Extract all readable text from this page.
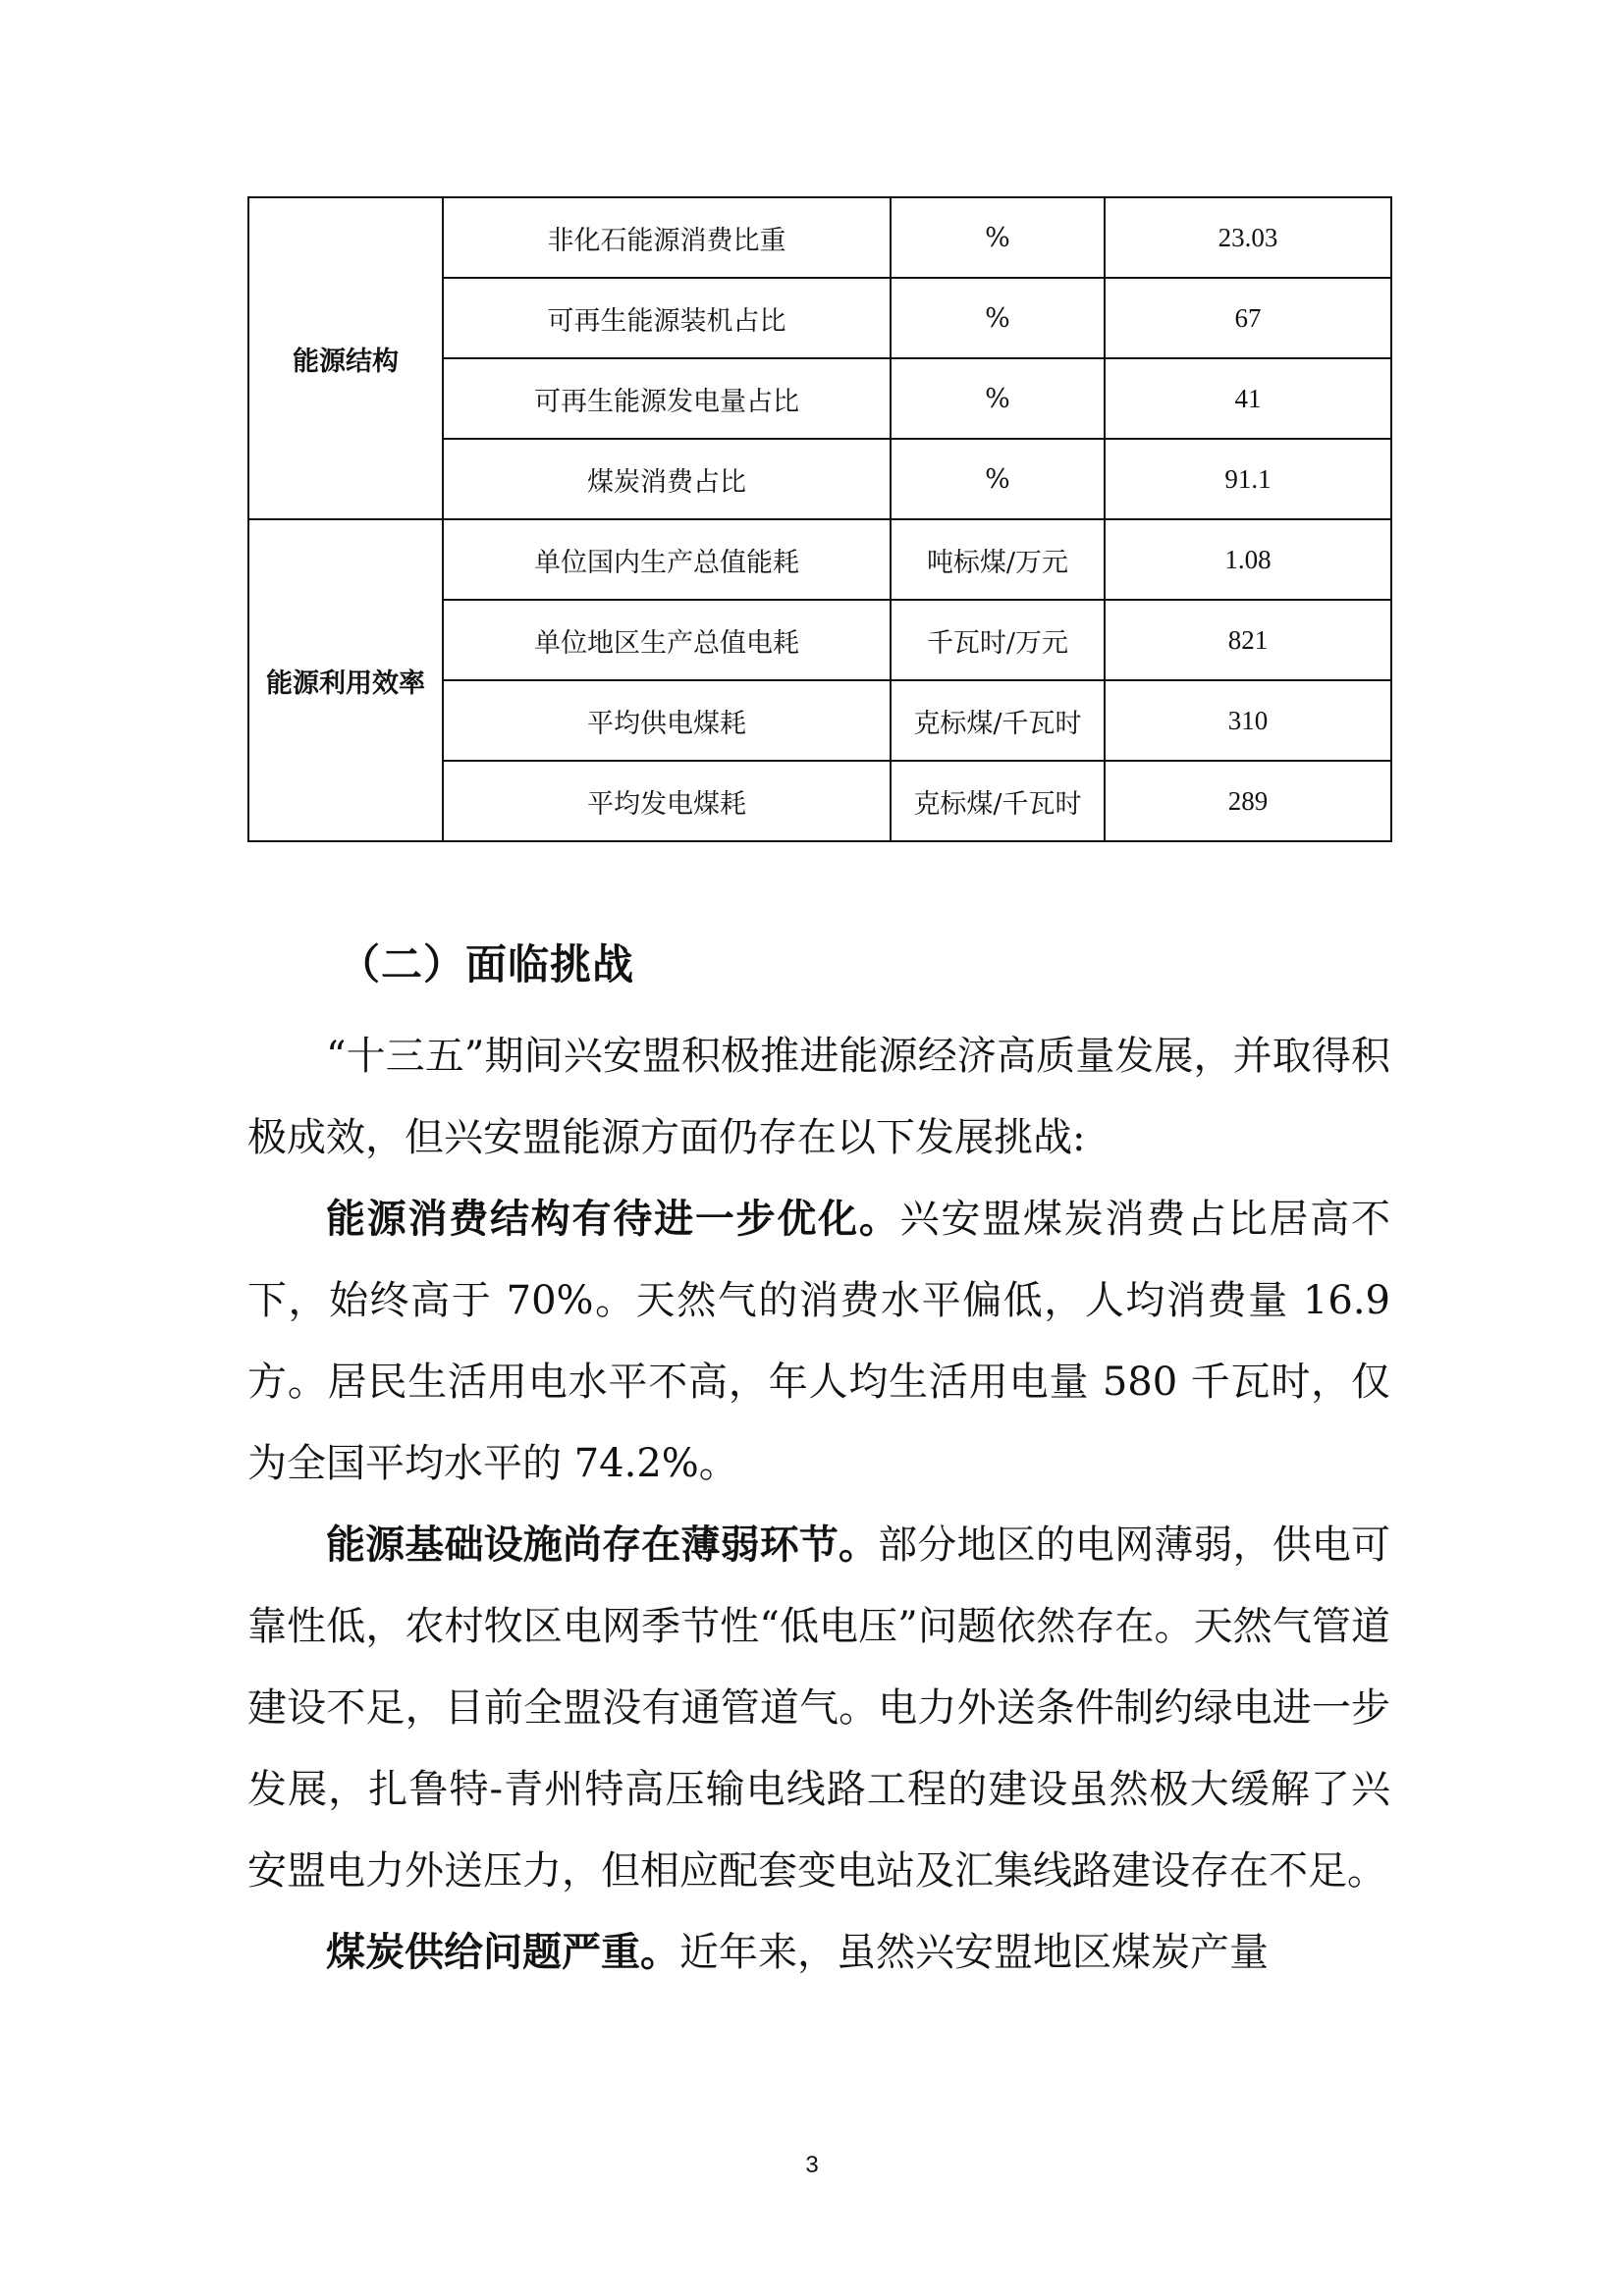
能源结构	非化石能源消费比重	%	23.03
	可再生能源装机占比	%	67
	可再生能源发电量占比	%	41
	煤炭消费占比	%	91.1
能源利用效率	单位国内生产总值能耗	吨标煤/万元	1.08
	单位地区生产总值电耗	千瓦时/万元	821
	平均供电煤耗	克标煤/千瓦时	310
	平均发电煤耗	克标煤/千瓦时	289
（二）面临挑战

“十三五”期间兴安盟积极推进能源经济高质量发展，并取得积极成效，但兴安盟能源方面仍存在以下发展挑战:

能源消费结构有待进一步优化。兴安盟煤炭消费占比居高不下，始终高于 70%。天然气的消费水平偏低，人均消费量 16.9 方。居民生活用电水平不高，年人均生活用电量 580 千瓦时，仅为全国平均水平的 74.2%。

能源基础设施尚存在薄弱环节。部分地区的电网薄弱，供电可靠性低，农村牧区电网季节性“低电压”问题依然存在。天然气管道建设不足，目前全盟没有通管道气。电力外送条件制约绿电进一步发展，扎鲁特-青州特高压输电线路工程的建设虽然极大缓解了兴安盟电力外送压力，但相应配套变电站及汇集线路建设存在不足。

煤炭供给问题严重。近年来，虽然兴安盟地区煤炭产量

3
